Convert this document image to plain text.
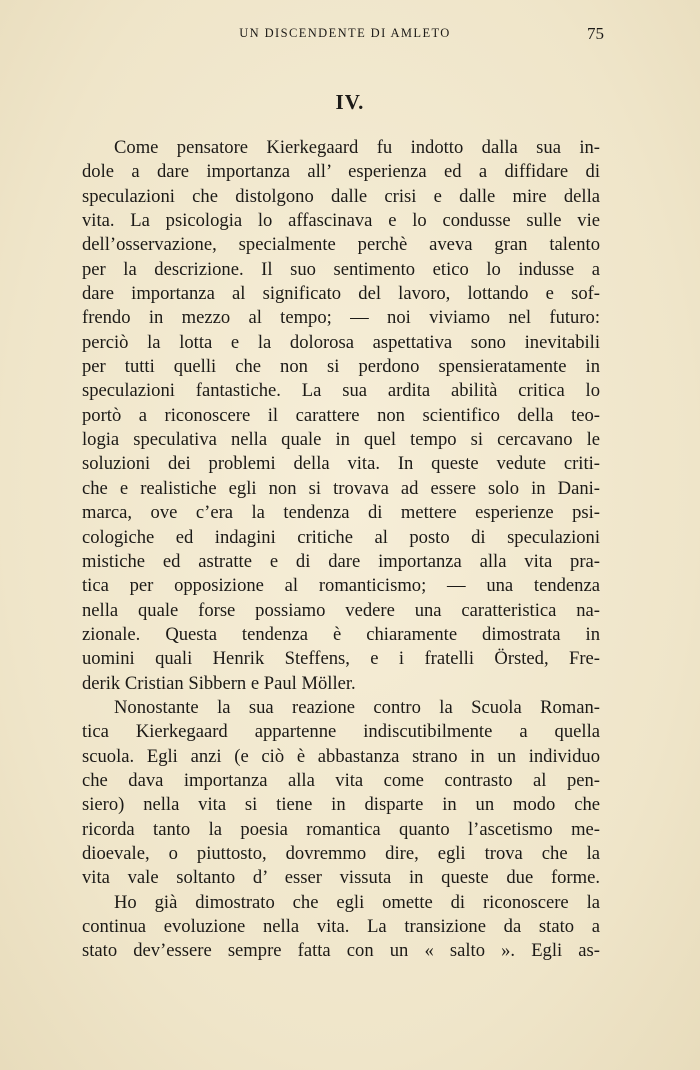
UN DISCENDENTE DI AMLETO	75
IV.
Come pensatore Kierkegaard fu indotto dalla sua in-
dole a dare importanza all’ esperienza ed a diffidare di
speculazioni che distolgono dalle crisi e dalle mire della
vita. La psicologia lo affascinava e lo condusse sulle vie
dell’osservazione, specialmente perchè aveva gran talento
per la descrizione. Il suo sentimento etico lo indusse a
dare importanza al significato del lavoro, lottando e sof-
frendo in mezzo al tempo; — noi viviamo nel futuro:
perciò la lotta e la dolorosa aspettativa sono inevitabili
per tutti quelli che non si perdono spensieratamente in
speculazioni fantastiche. La sua ardita abilità critica lo
portò a riconoscere il carattere non scientifico della teo-
logia speculativa nella quale in quel tempo si cercavano le
soluzioni dei problemi della vita. In queste vedute criti-
che e realistiche egli non si trovava ad essere solo in Dani-
marca, ove c’era la tendenza di mettere esperienze psi-
cologiche ed indagini critiche al posto di speculazioni
mistiche ed astratte e di dare importanza alla vita pra-
tica per opposizione al romanticismo; — una tendenza
nella quale forse possiamo vedere una caratteristica na-
zionale. Questa tendenza è chiaramente dimostrata in
uomini quali Henrik Steffens, e i fratelli Örsted, Fre-
derik Cristian Sibbern e Paul Möller.
Nonostante la sua reazione contro la Scuola Roman-
tica Kierkegaard appartenne indiscutibilmente a quella
scuola. Egli anzi (e ciò è abbastanza strano in un individuo
che dava importanza alla vita come contrasto al pen-
siero) nella vita si tiene in disparte in un modo che
ricorda tanto la poesia romantica quanto l’ascetismo me-
dioevale, o piuttosto, dovremmo dire, egli trova che la
vita vale soltanto d’ esser vissuta in queste due forme.
Ho già dimostrato che egli omette di riconoscere la
continua evoluzione nella vita. La transizione da stato a
stato dev’essere sempre fatta con un « salto ». Egli as-
